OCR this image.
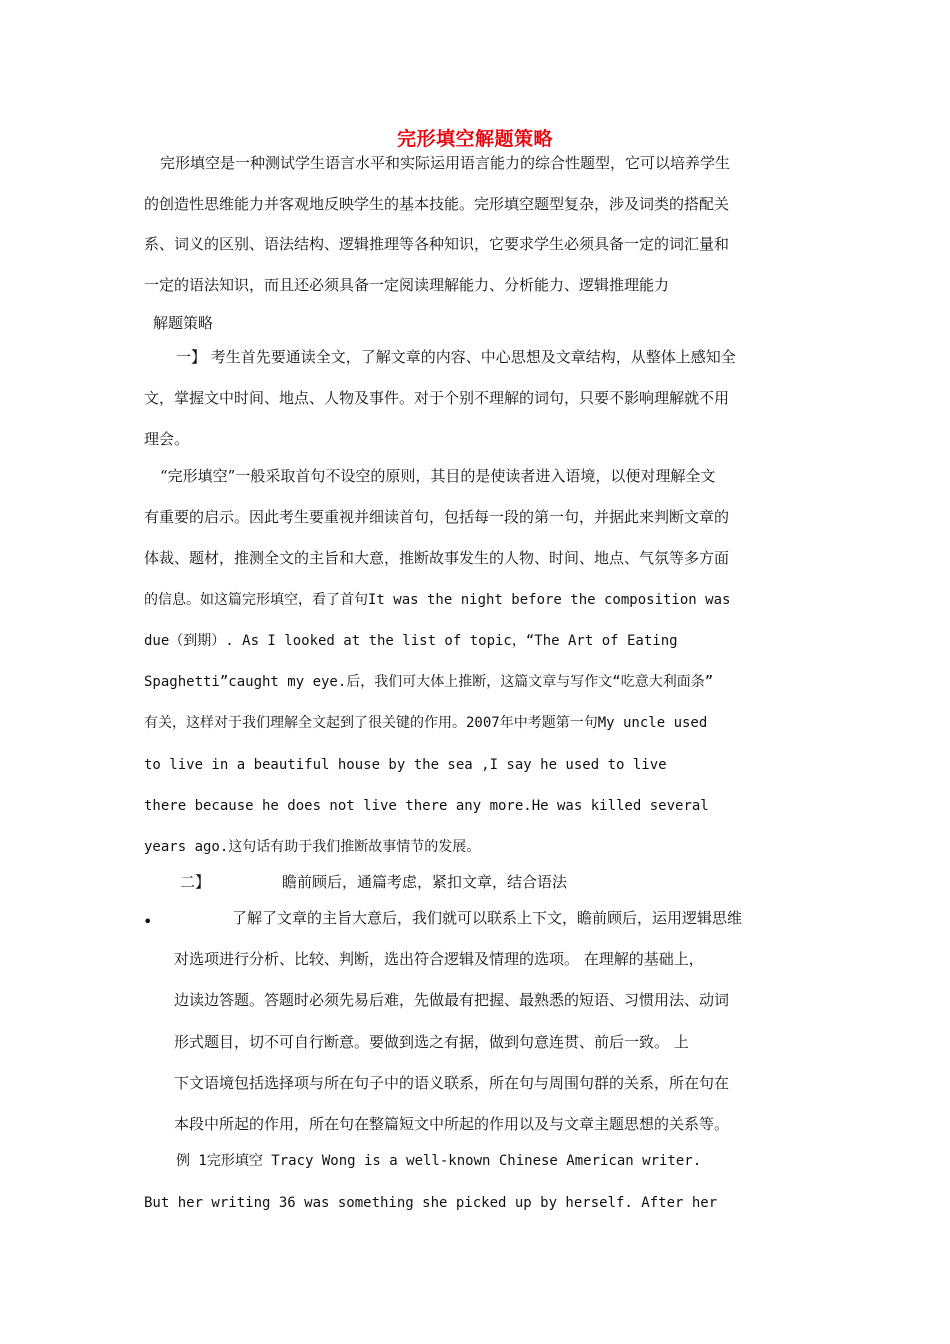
完形填空解题策略
完形填空是一种测试学生语言水平和实际运用语言能力的综合性题型，它可以培养学生
的创造性思维能力并客观地反映学生的基本技能。完形填空题型复杂，涉及词类的搭配关
系、词义的区别、语法结构、逻辑推理等各种知识，它要求学生必须具备一定的词汇量和
一定的语法知识，而且还必须具备一定阅读理解能力、分析能力、逻辑推理能力
解题策略
一】 考生首先要通读全文，了解文章的内容、中心思想及文章结构，从整体上感知全
文，掌握文中时间、地点、人物及事件。对于个别不理解的词句，只要不影响理解就不用
理会。
“完形填空”一般采取首句不设空的原则，其目的是使读者进入语境，以便对理解全文
有重要的启示。因此考生要重视并细读首句，包括每一段的第一句，并据此来判断文章的
体裁、题材，推测全文的主旨和大意，推断故事发生的人物、时间、地点、气氛等多方面
的信息。如这篇完形填空，看了首句It was the night before the composition was
due（到期）. As I looked at the list of topic，“The Art of Eating
Spaghetti”caught my eye.后，我们可大体上推断，这篇文章与写作文“吃意大利面条”
有关，这样对于我们理解全文起到了很关键的作用。2007年中考题第一句My uncle used
to live in a beautiful house by the sea ,I say he used to live
there because he does not live there any more.He was killed several
years ago.这句话有助于我们推断故事情节的发展。
二】	瞻前顾后，通篇考虑，紧扣文章，结合语法
•	了解了文章的主旨大意后，我们就可以联系上下文，瞻前顾后，运用逻辑思维
对选项进行分析、比较、判断，选出符合逻辑及情理的选项。 在理解的基础上，
边读边答题。答题时必须先易后难，先做最有把握、最熟悉的短语、习惯用法、动词
形式题目，切不可自行断意。要做到选之有据，做到句意连贯、前后一致。 上
下文语境包括选择项与所在句子中的语义联系，所在句与周围句群的关系，所在句在
本段中所起的作用，所在句在整篇短文中所起的作用以及与文章主题思想的关系等。
例 1完形填空 Tracy Wong is a well-known Chinese American writer.
But her writing 36 was something she picked up by herself. After her
